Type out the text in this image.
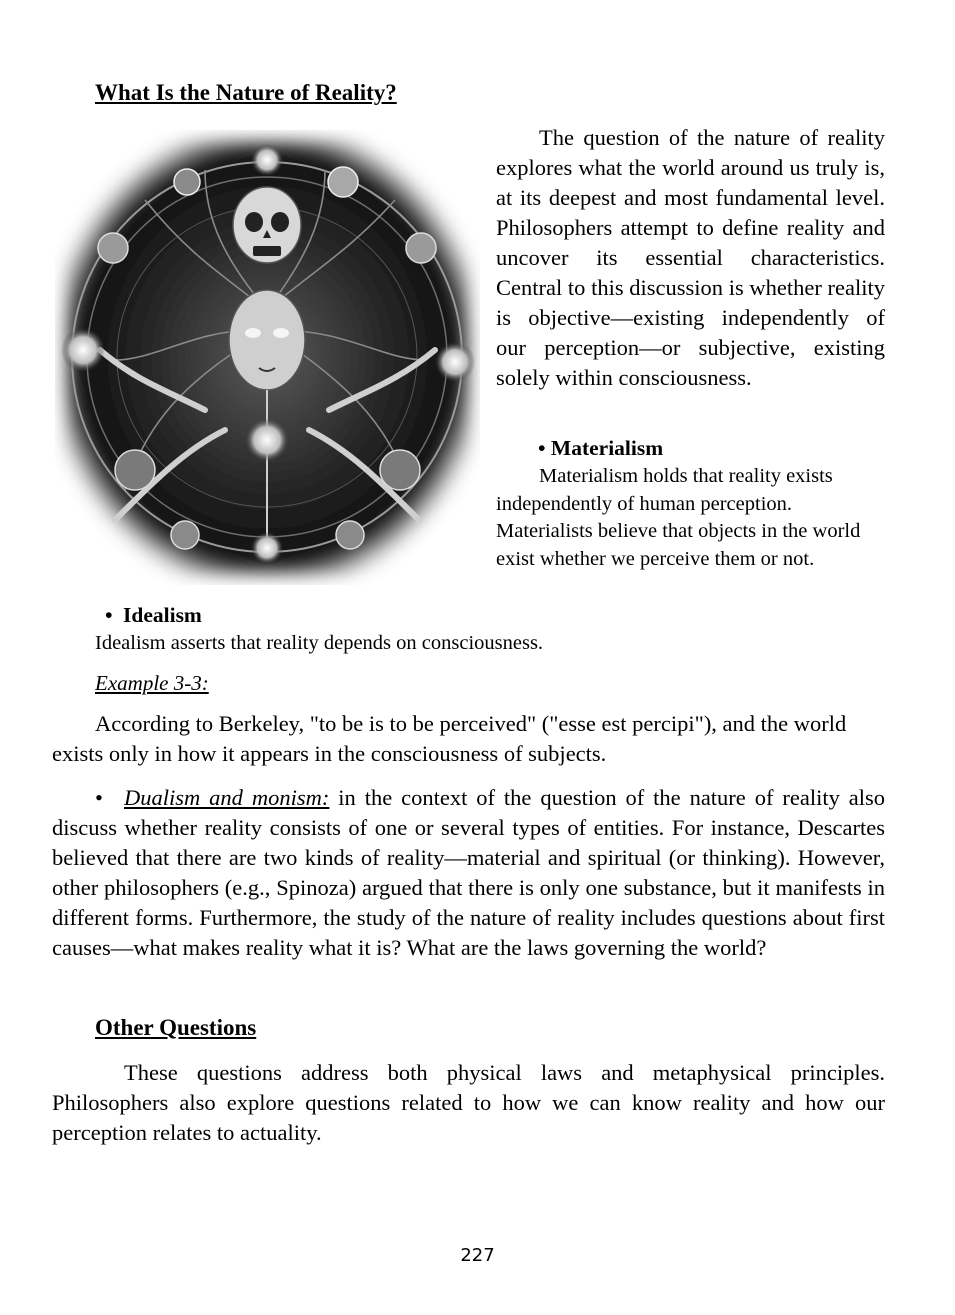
What Is the Nature of Reality?

The question of the nature of reality explores what the world around us truly is, at its deepest and most fundamental level. Philosophers attempt to define reality and uncover its essential characteristics. Central to this discussion is whether reality is objective—existing independently of our perception—or subjective, existing solely within consciousness.

• Materialism

Materialism holds that reality exists independently of human perception. Materialists believe that objects in the world exist whether we perceive them or not.

• Idealism

Idealism asserts that reality depends on consciousness.

Example 3-3:

According to Berkeley, "to be is to be perceived" ("esse est percipi"), and the world exists only in how it appears in the consciousness of subjects.

• Dualism and monism: in the context of the question of the nature of reality also discuss whether reality consists of one or several types of entities. For instance, Descartes believed that there are two kinds of reality—material and spiritual (or thinking). However, other philosophers (e.g., Spinoza) argued that there is only one substance, but it manifests in different forms. Furthermore, the study of the nature of reality includes questions about first causes—what makes reality what it is? What are the laws governing the world?

Other Questions

These questions address both physical laws and metaphysical principles. Philosophers also explore questions related to how we can know reality and how our perception relates to actuality.

227
